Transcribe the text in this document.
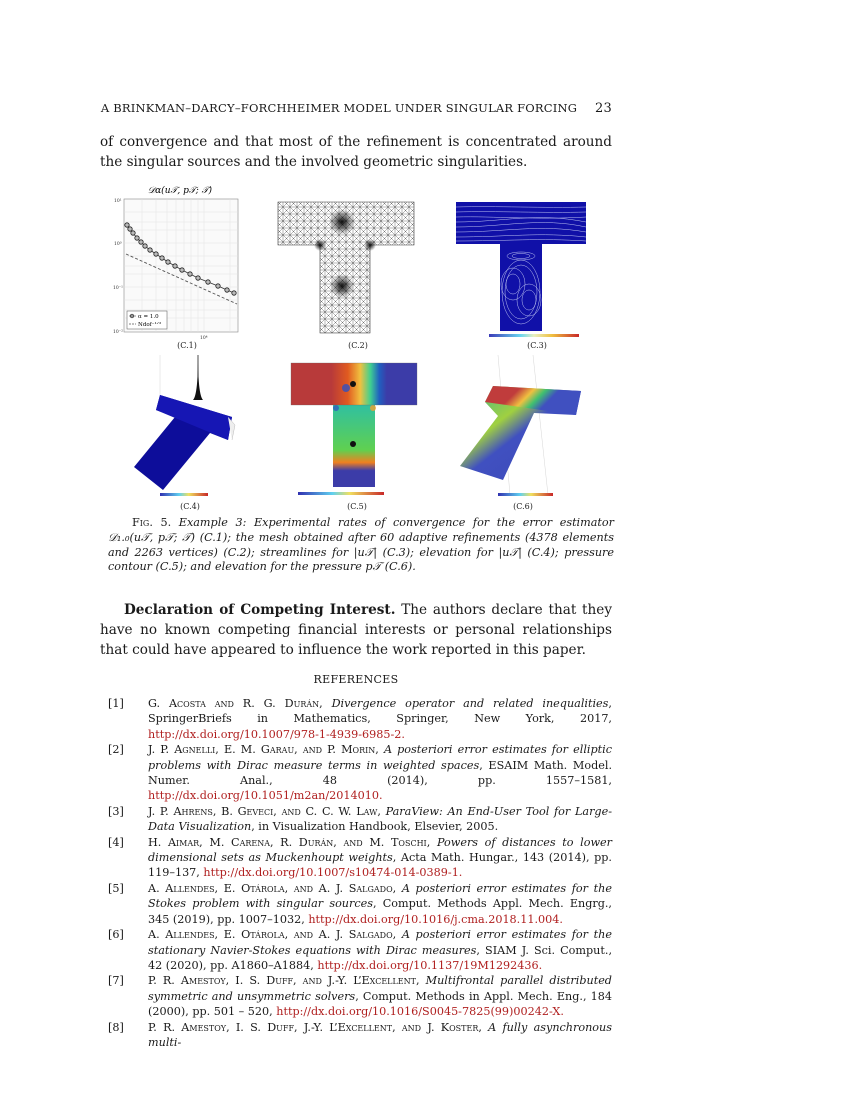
A BRINKMAN–DARCY–FORCHHEIMER MODEL UNDER SINGULAR FORCING 23
of convergence and that most of the refinement is concentrated around the singular sources and the involved geometric singularities.
𝒟α(u𝒯, p𝒯; 𝒯)
10¹
10⁰
10⁻¹
10⁻²
10⁴
α = 1.0
Ndof⁻¹ᐟ²
(C.1)	(C.2)	(C.3)
(C.4)	(C.5)	(C.6)
Fig. 5. Example 3: Experimental rates of convergence for the error estimator 𝒟₁.₀(u𝒯, p𝒯; 𝒯) (C.1); the mesh obtained after 60 adaptive refinements (4378 elements and 2263 vertices) (C.2); streamlines for |u𝒯| (C.3); elevation for |u𝒯| (C.4); pressure contour (C.5); and elevation for the pressure p𝒯 (C.6).
Declaration of Competing Interest. The authors declare that they have no known competing financial interests or personal relationships that could have appeared to influence the work reported in this paper.
REFERENCES
[1] G. Acosta and R. G. Durán, Divergence operator and related inequalities, SpringerBriefs in Mathematics, Springer, New York, 2017, http://dx.doi.org/10.1007/978-1-4939-6985-2.
[2] J. P. Agnelli, E. M. Garau, and P. Morin, A posteriori error estimates for elliptic problems with Dirac measure terms in weighted spaces, ESAIM Math. Model. Numer. Anal., 48 (2014), pp. 1557–1581, http://dx.doi.org/10.1051/m2an/2014010.
[3] J. P. Ahrens, B. Geveci, and C. C. W. Law, ParaView: An End-User Tool for Large-Data Visualization, in Visualization Handbook, Elsevier, 2005.
[4] H. Aimar, M. Carena, R. Durán, and M. Toschi, Powers of distances to lower dimensional sets as Muckenhoupt weights, Acta Math. Hungar., 143 (2014), pp. 119–137, http://dx.doi.org/10.1007/s10474-014-0389-1.
[5] A. Allendes, E. Otárola, and A. J. Salgado, A posteriori error estimates for the Stokes problem with singular sources, Comput. Methods Appl. Mech. Engrg., 345 (2019), pp. 1007–1032, http://dx.doi.org/10.1016/j.cma.2018.11.004.
[6] A. Allendes, E. Otárola, and A. J. Salgado, A posteriori error estimates for the stationary Navier-Stokes equations with Dirac measures, SIAM J. Sci. Comput., 42 (2020), pp. A1860–A1884, http://dx.doi.org/10.1137/19M1292436.
[7] P. R. Amestoy, I. S. Duff, and J.-Y. L’Excellent, Multifrontal parallel distributed symmetric and unsymmetric solvers, Comput. Methods in Appl. Mech. Eng., 184 (2000), pp. 501 – 520, http://dx.doi.org/10.1016/S0045-7825(99)00242-X.
[8] P. R. Amestoy, I. S. Duff, J.-Y. L’Excellent, and J. Koster, A fully asynchronous multi-
